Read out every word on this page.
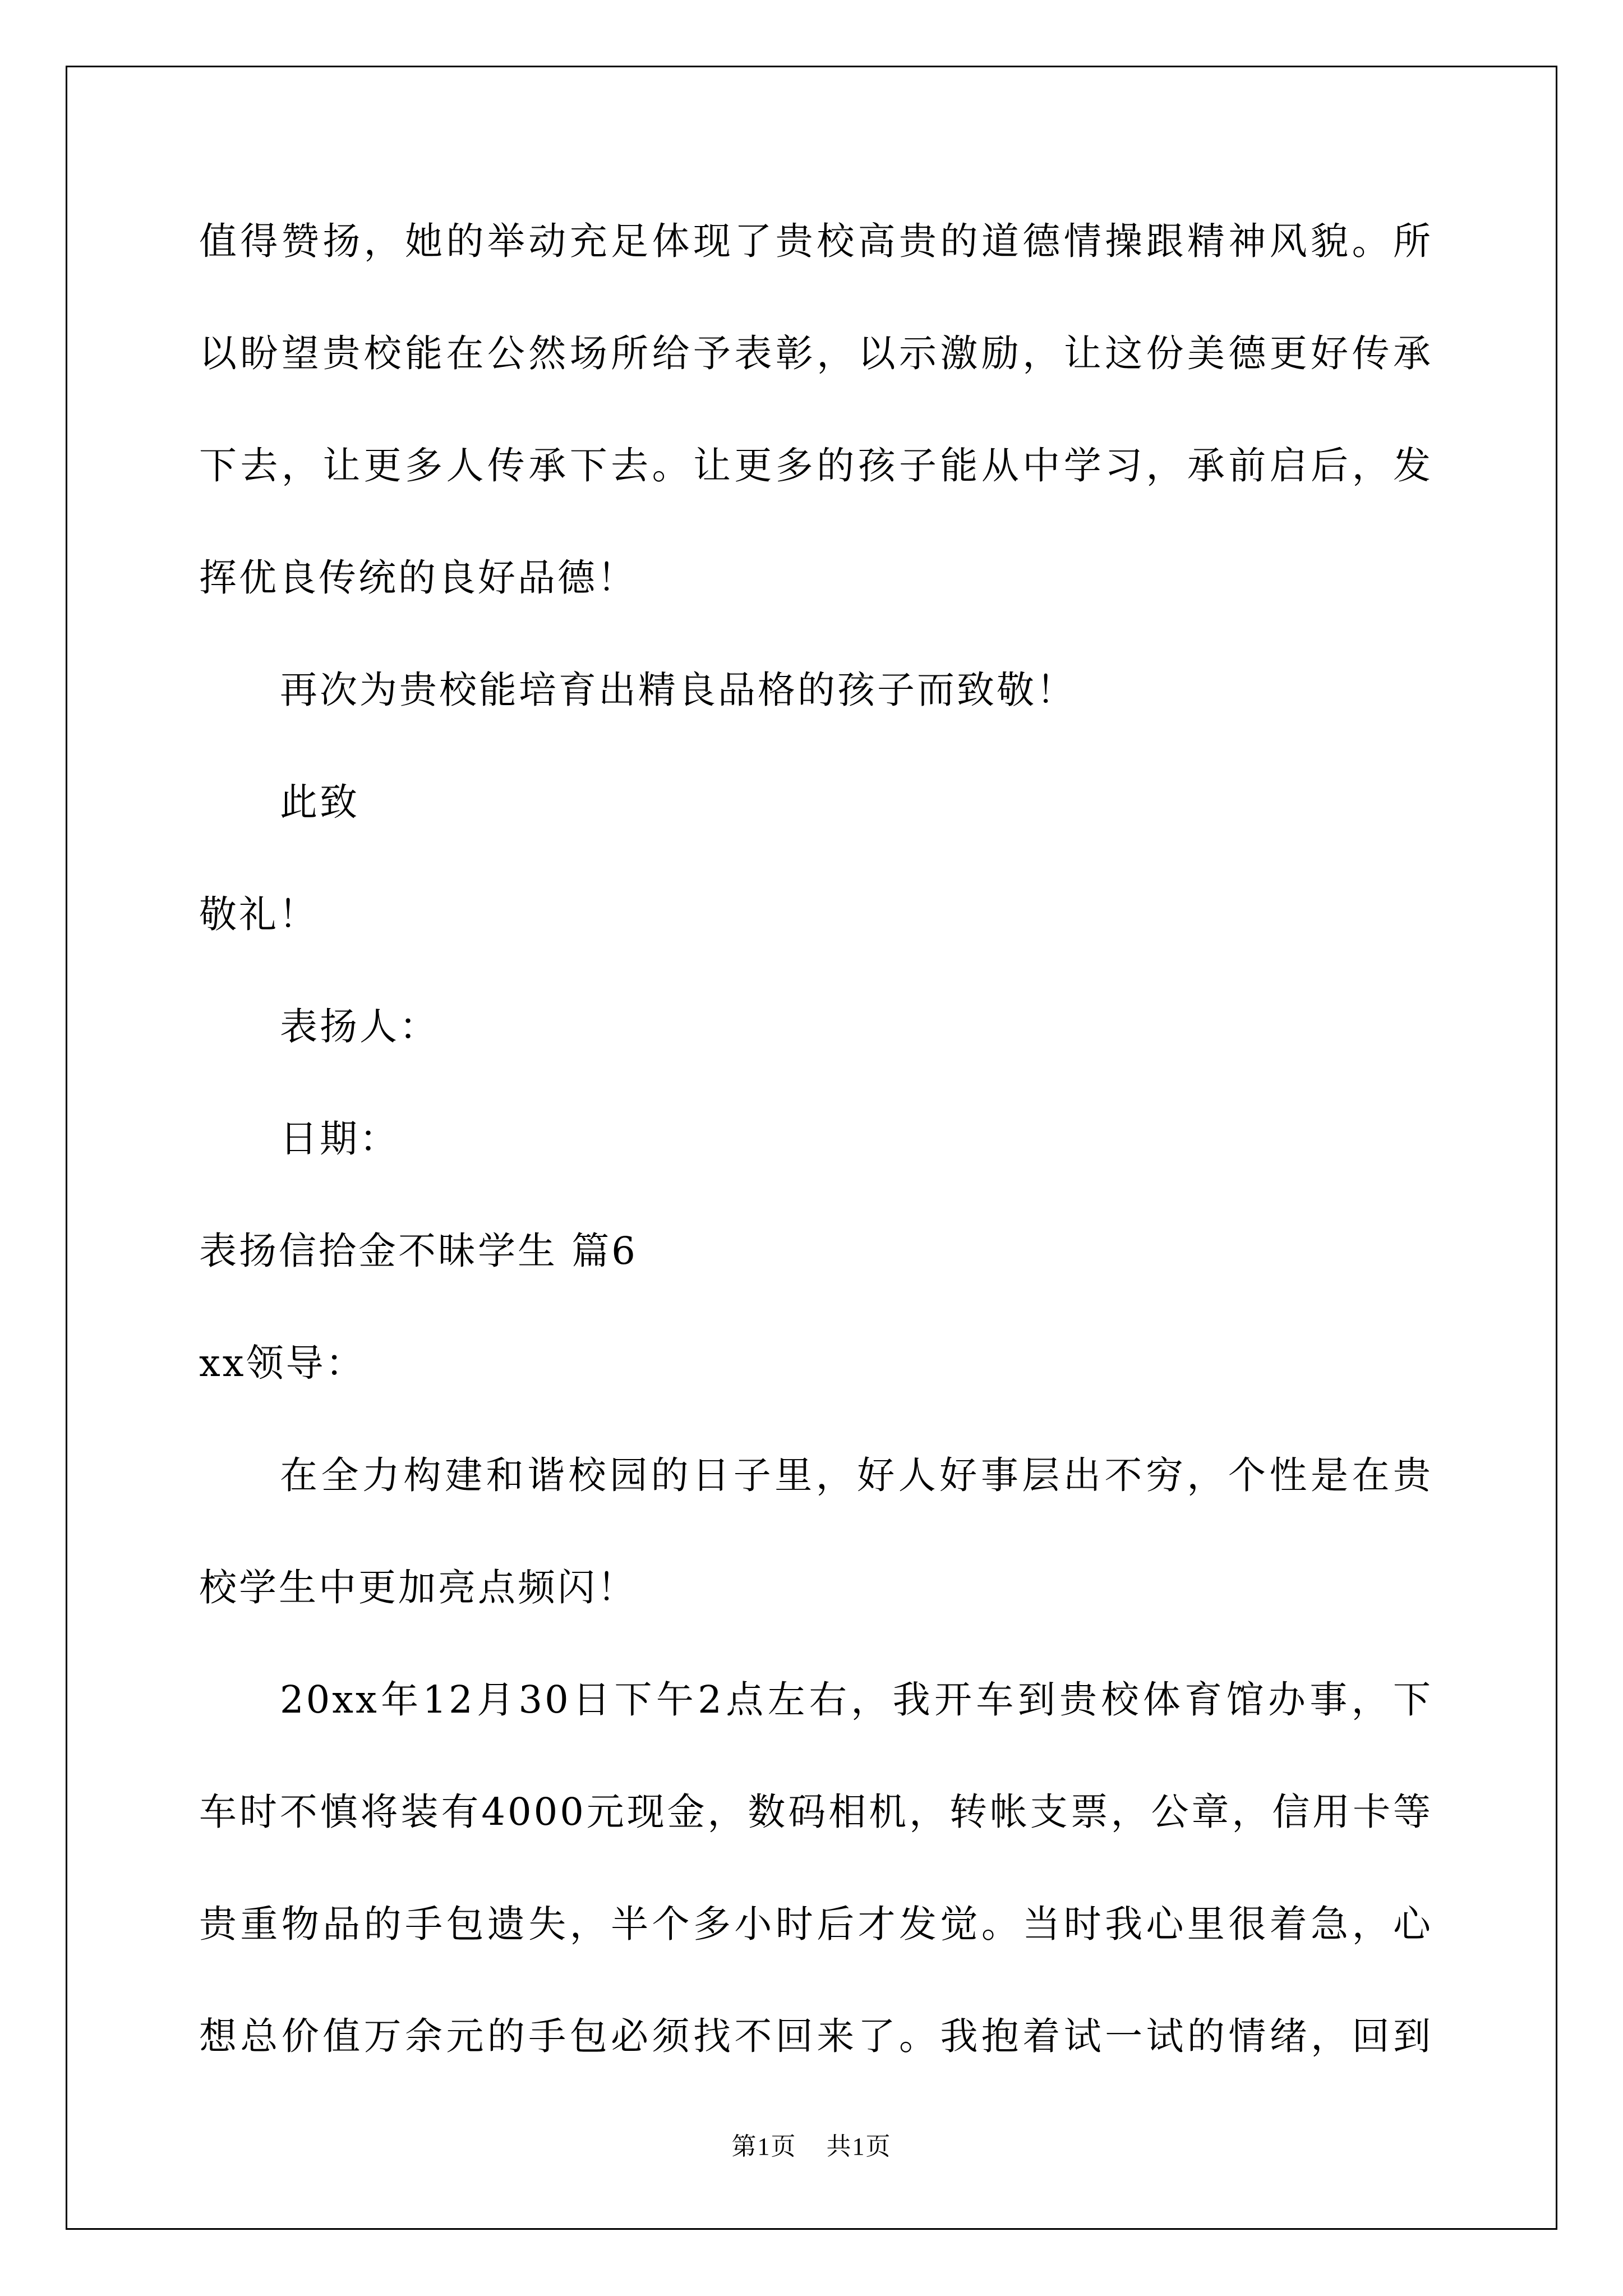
值得赞扬，她的举动充足体现了贵校高贵的道德情操跟精神风貌。所
以盼望贵校能在公然场所给予表彰，以示激励，让这份美德更好传承
下去，让更多人传承下去。让更多的孩子能从中学习，承前启后，发
挥优良传统的良好品德！
再次为贵校能培育出精良品格的孩子而致敬！
此致
敬礼！
表扬人：
日期：
表扬信拾金不昧学生 篇6
xx领导：
在全力构建和谐校园的日子里，好人好事层出不穷，个性是在贵
校学生中更加亮点频闪！
20xx年12月30日下午2点左右，我开车到贵校体育馆办事，下
车时不慎将装有4000元现金，数码相机，转帐支票，公章，信用卡等
贵重物品的手包遗失，半个多小时后才发觉。当时我心里很着急，心
想总价值万余元的手包必须找不回来了。我抱着试一试的情绪，回到
第1页 共1页
